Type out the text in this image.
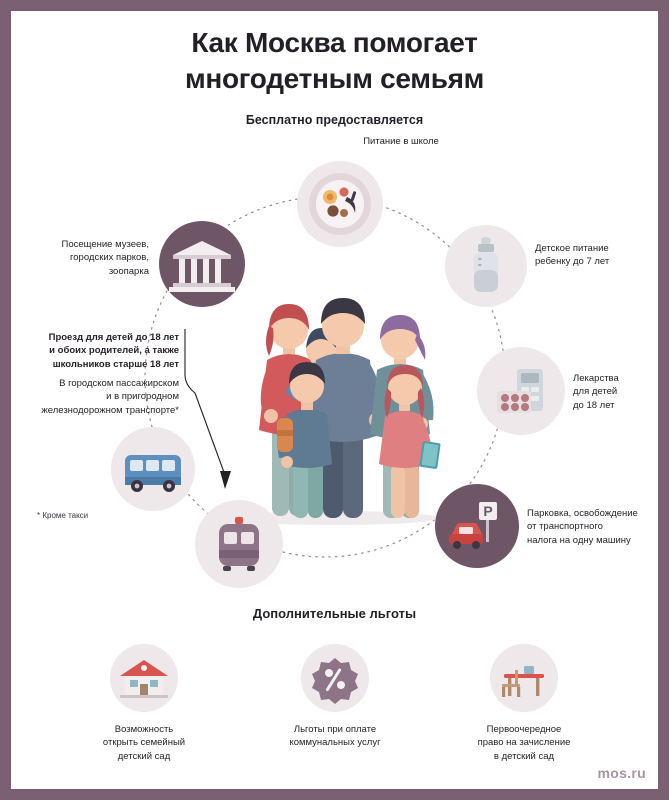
Как Москва помогает
многодетным семьям
Бесплатно предоставляется
Питание в школе
Детское питание
ребенку до 7 лет
Лекарства
для детей
до 18 лет
P	Парковка, освобождение
от транспортного
налога на одну машину
Посещение музеев,
городских парков,
зоопарка
Проезд для детей до 18 лет
и обоих родителей, а также
школьников старше 18 лет
В городском пассажирском
и в пригородном
железнодорожном транспорте*
* Кроме такси
Дополнительные льготы
Возможность
открыть семейный
детский сад
Льготы при оплате
коммунальных услуг
Первоочередное
право на зачисление
в детский сад
mos.ru
